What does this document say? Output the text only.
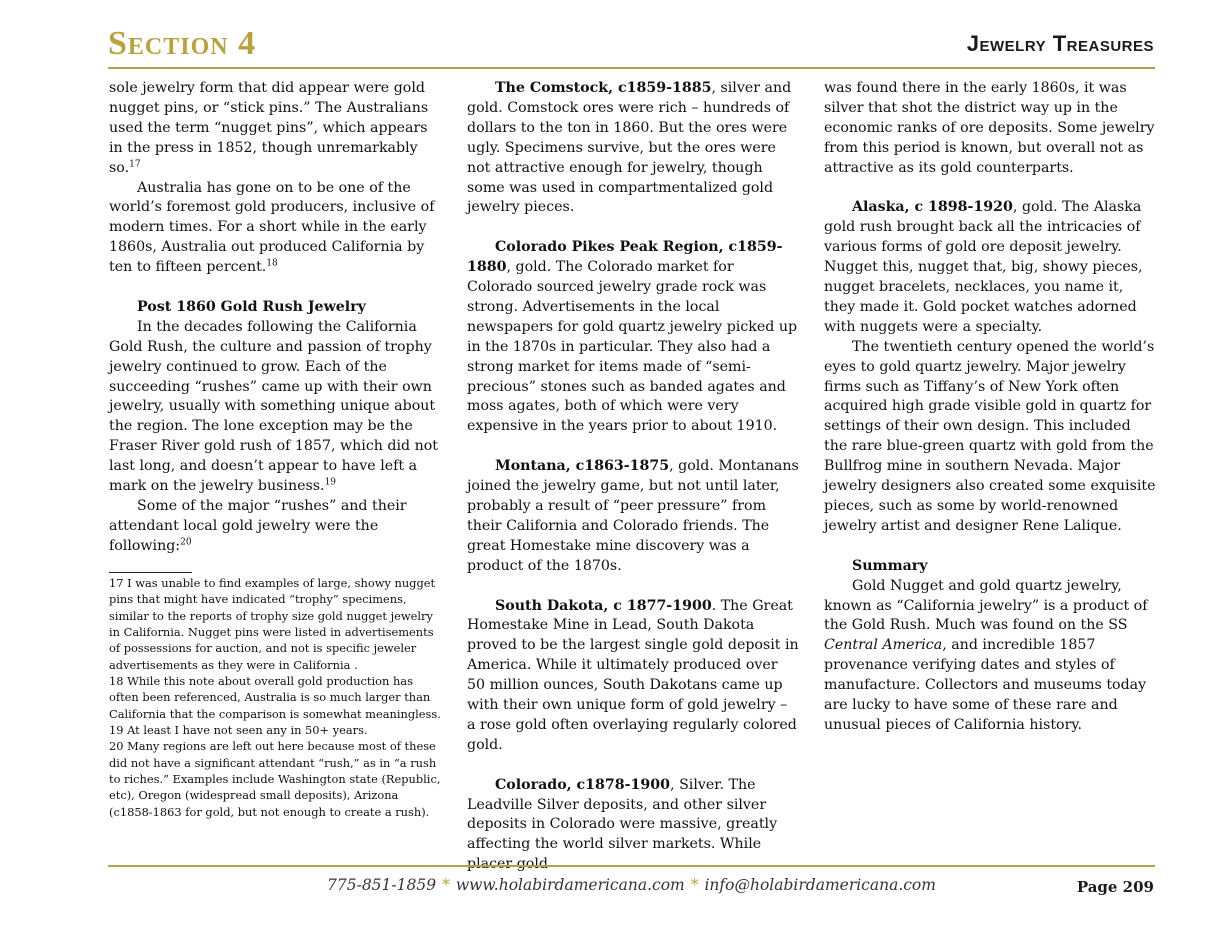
Section 4	Jewelry Treasures

sole jewelry form that did appear were gold nugget pins, or “stick pins.” The Australians used the term “nugget pins”, which appears in the press in 1852, though unremarkably so.$^{17}$

Australia has gone on to be one of the world’s foremost gold producers, inclusive of modern times. For a short while in the early 1860s, Australia out produced California by ten to fifteen percent.$^{18}$

Post 1860 Gold Rush Jewelry

In the decades following the California Gold Rush, the culture and passion of trophy jewelry continued to grow. Each of the succeeding “rushes” came up with their own jewelry, usually with something unique about the region. The lone exception may be the Fraser River gold rush of 1857, which did not last long, and doesn’t appear to have left a mark on the jewelry business.$^{19}$

Some of the major “rushes” and their attendant local gold jewelry were the following:$^{20}$

17 I was unable to find examples of large, showy nugget pins that might have indicated “trophy” specimens, similar to the reports of trophy size gold nugget jewelry in California. Nugget pins were listed in advertisements of possessions for auction, and not is specific jeweler advertisements as they were in California .

18 While this note about overall gold production has often been referenced, Australia is so much larger than California that the comparison is somewhat meaningless.

19 At least I have not seen any in 50+ years.

20 Many regions are left out here because most of these did not have a significant attendant “rush,” as in “a rush to riches.” Examples include Washington state (Republic, etc), Oregon (widespread small deposits), Arizona (c1858-1863 for gold, but not enough to create a rush).

The Comstock, c1859-1885, silver and gold. Comstock ores were rich – hundreds of dollars to the ton in 1860. But the ores were ugly. Specimens survive, but the ores were not attractive enough for jewelry, though some was used in compartmentalized gold jewelry pieces.

Colorado Pikes Peak Region, c1859-1880, gold. The Colorado market for Colorado sourced jewelry grade rock was strong. Advertisements in the local newspapers for gold quartz jewelry picked up in the 1870s in particular. They also had a strong market for items made of “semi-precious” stones such as banded agates and moss agates, both of which were very expensive in the years prior to about 1910.

Montana, c1863-1875, gold. Montanans joined the jewelry game, but not until later, probably a result of “peer pressure” from their California and Colorado friends. The great Homestake mine discovery was a product of the 1870s.

South Dakota, c 1877-1900. The Great Homestake Mine in Lead, South Dakota proved to be the largest single gold deposit in America. While it ultimately produced over 50 million ounces, South Dakotans came up with their own unique form of gold jewelry – a rose gold often overlaying regularly colored gold.

Colorado, c1878-1900, Silver. The Leadville Silver deposits, and other silver deposits in Colorado were massive, greatly affecting the world silver markets. While

was found there in the early 1860s, it was silver that shot the district way up in the economic ranks of ore deposits. Some jewelry from this period is known, but overall not as attractive as its gold counterparts.

Alaska, c 1898-1920, gold. The Alaska gold rush brought back all the intricacies of various forms of gold ore deposit jewelry. Nugget this, nugget that, big, showy pieces, nugget bracelets, necklaces, you name it, they made it. Gold pocket watches adorned with nuggets were a specialty.

The twentieth century opened the world’s eyes to gold quartz jewelry. Major jewelry firms such as Tiffany’s of New York often acquired high grade visible gold in quartz for settings of their own design. This included the rare blue-green quartz with gold from the Bullfrog mine in southern Nevada. Major jewelry designers also created some exquisite pieces, such as some by world-renowned jewelry artist and designer Rene Lalique.

Summary

Gold Nugget and gold quartz jewelry, known as “California jewelry” is a product of the Gold Rush. Much was found on the SS Central America, and incredible 1857 provenance verifying dates and styles of manufacture. Collectors and museums today are lucky to have some of these rare and unusual pieces of California history.

775-851-1859 * www.holabirdamericana.com * info@holabirdamericana.com	Page 209
